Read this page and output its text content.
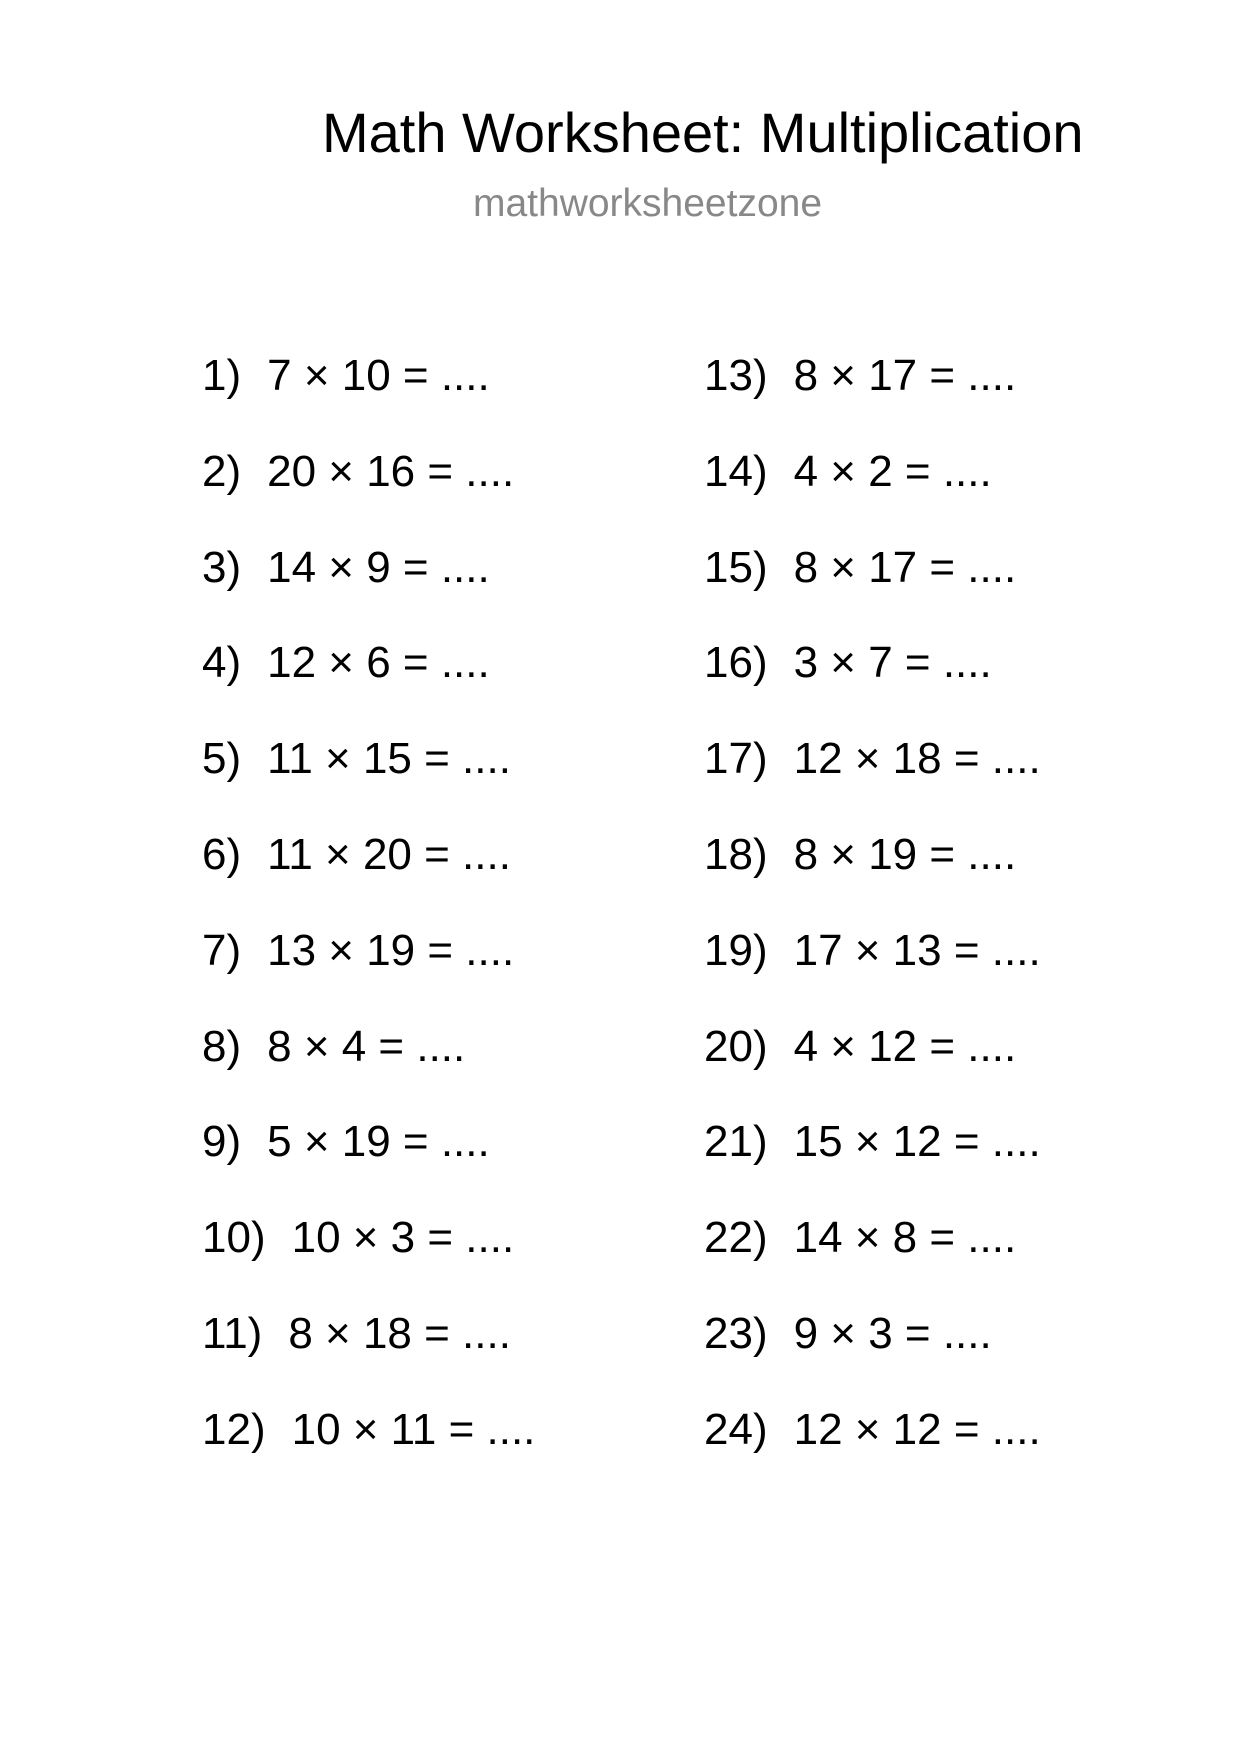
Math Worksheet: Multiplication
mathworksheetzone
1) 7 × 10 = ....
2) 20 × 16 = ....
3) 14 × 9 = ....
4) 12 × 6 = ....
5) 11 × 15 = ....
6) 11 × 20 = ....
7) 13 × 19 = ....
8) 8 × 4 = ....
9) 5 × 19 = ....
10) 10 × 3 = ....
11) 8 × 18 = ....
12) 10 × 11 = ....
13) 8 × 17 = ....
14) 4 × 2 = ....
15) 8 × 17 = ....
16) 3 × 7 = ....
17) 12 × 18 = ....
18) 8 × 19 = ....
19) 17 × 13 = ....
20) 4 × 12 = ....
21) 15 × 12 = ....
22) 14 × 8 = ....
23) 9 × 3 = ....
24) 12 × 12 = ....
